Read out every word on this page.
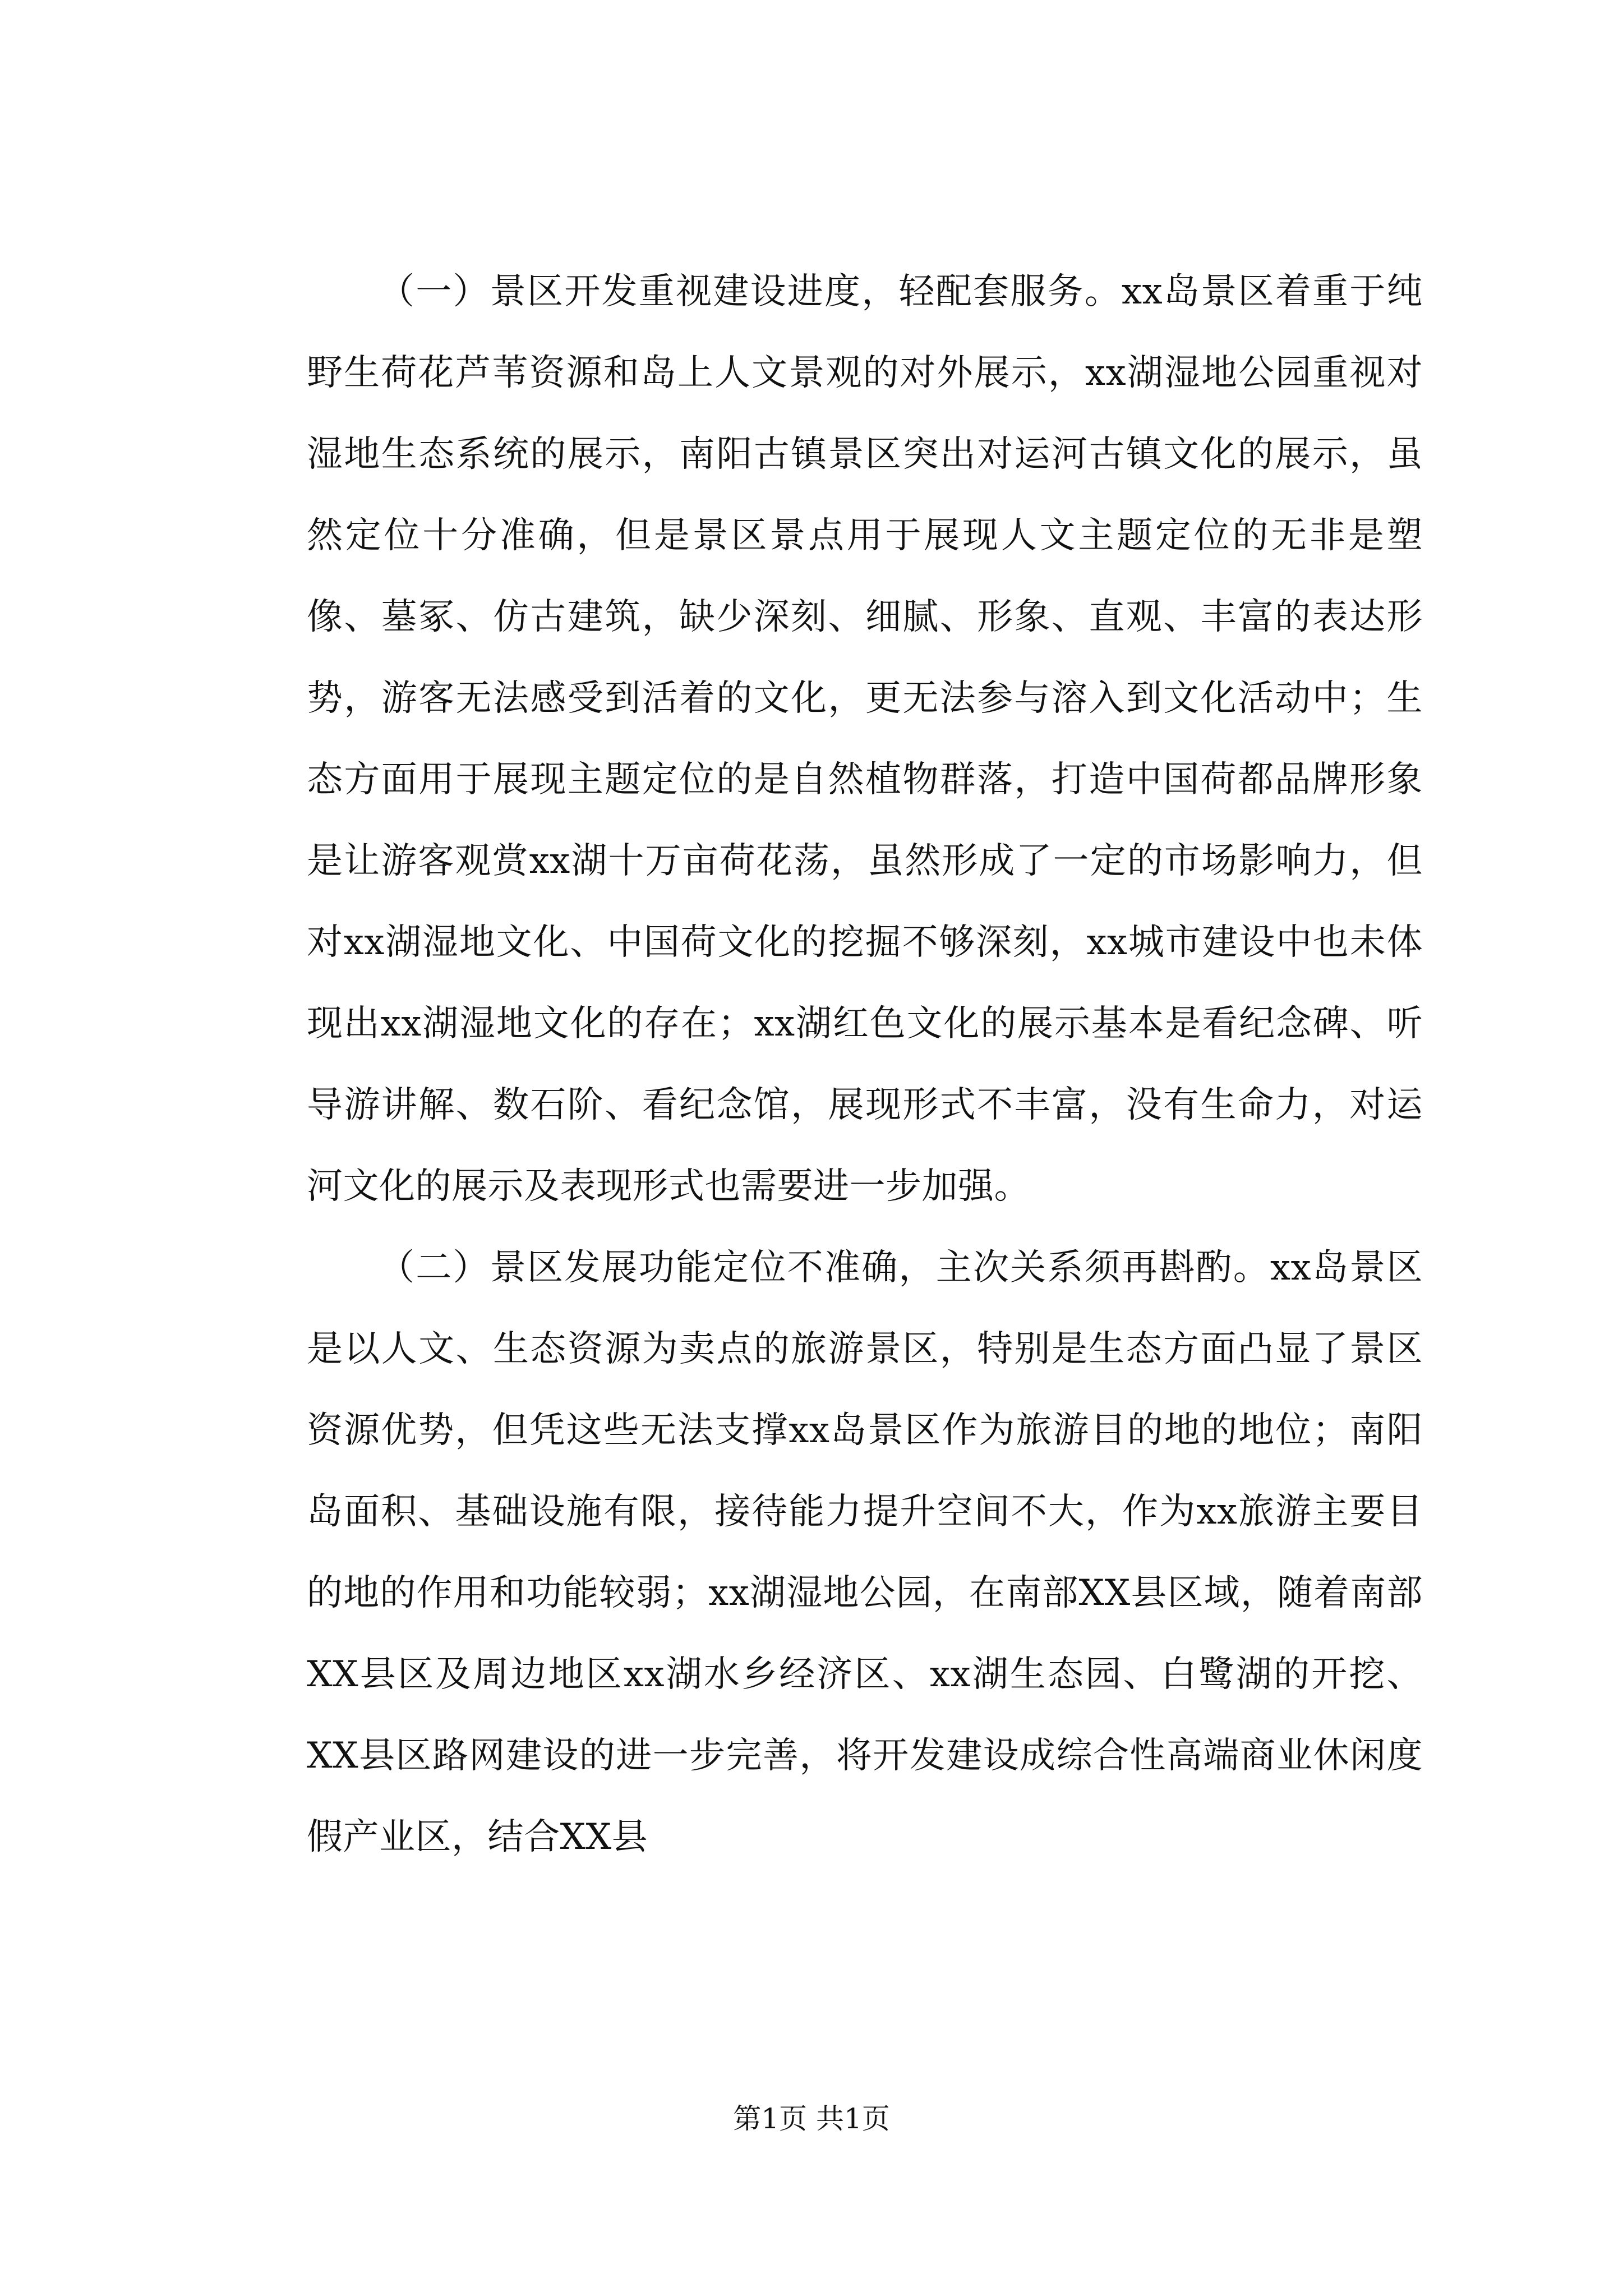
（一）景区开发重视建设进度，轻配套服务。xx岛景区着重于纯野生荷花芦苇资源和岛上人文景观的对外展示，xx湖湿地公园重视对湿地生态系统的展示，南阳古镇景区突出对运河古镇文化的展示，虽然定位十分准确，但是景区景点用于展现人文主题定位的无非是塑像、墓冢、仿古建筑，缺少深刻、细腻、形象、直观、丰富的表达形势，游客无法感受到活着的文化，更无法参与溶入到文化活动中；生态方面用于展现主题定位的是自然植物群落，打造中国荷都品牌形象是让游客观赏xx湖十万亩荷花荡，虽然形成了一定的市场影响力，但对xx湖湿地文化、中国荷文化的挖掘不够深刻，xx城市建设中也未体现出xx湖湿地文化的存在；xx湖红色文化的展示基本是看纪念碑、听导游讲解、数石阶、看纪念馆，展现形式不丰富，没有生命力，对运河文化的展示及表现形式也需要进一步加强。

（二）景区发展功能定位不准确，主次关系须再斟酌。xx岛景区是以人文、生态资源为卖点的旅游景区，特别是生态方面凸显了景区资源优势，但凭这些无法支撑xx岛景区作为旅游目的地的地位；南阳岛面积、基础设施有限，接待能力提升空间不大，作为xx旅游主要目的地的作用和功能较弱；xx湖湿地公园，在南部XX县区域，随着南部XX县区及周边地区xx湖水乡经济区、xx湖生态园、白鹭湖的开挖、XX县区路网建设的进一步完善，将开发建设成综合性高端商业休闲度假产业区，结合XX县

第1页 共1页
